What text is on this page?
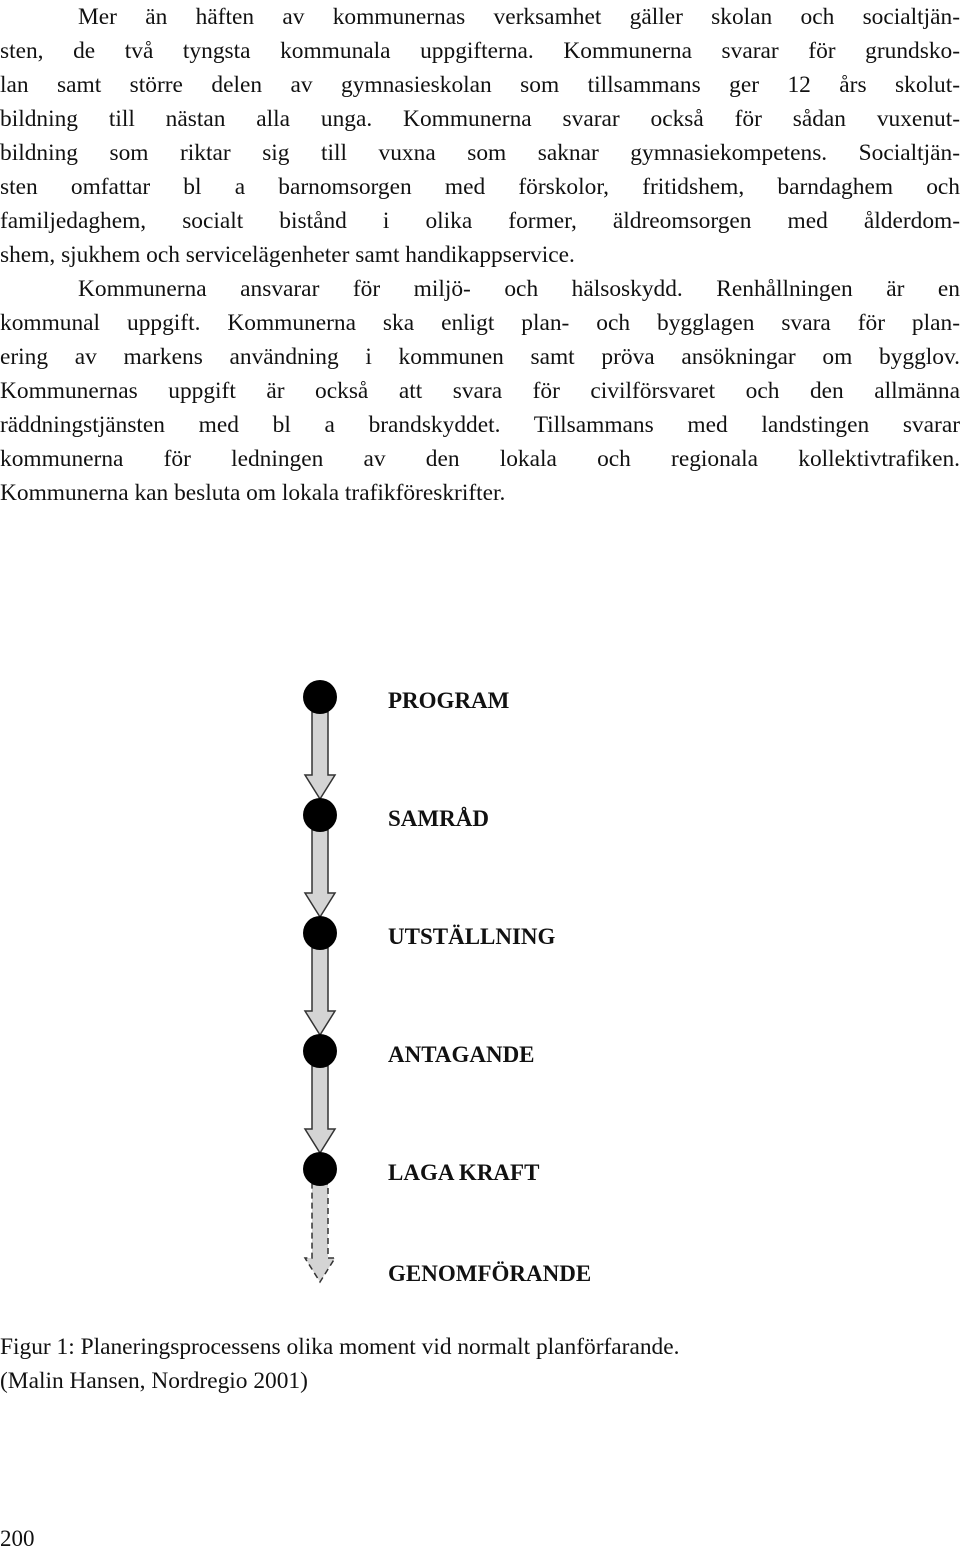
Mer än häften av kommunernas verksamhet gäller skolan och socialtjän-

sten, de två tyngsta kommunala uppgifterna. Kommunerna svarar för grundsko-

lan samt större delen av gymnasieskolan som tillsammans ger 12 års skolut-

bildning till nästan alla unga. Kommunerna svarar också för sådan vuxenut-

bildning som riktar sig till vuxna som saknar gymnasiekompetens. Socialtjän-

sten omfattar bl a barnomsorgen med förskolor, fritidshem, barndaghem och

familjedaghem, socialt bistånd i olika former, äldreomsorgen med ålderdom-

shem, sjukhem och servicelägenheter samt handikappservice.

Kommunerna ansvarar för miljö- och hälsoskydd. Renhållningen är en

kommunal uppgift. Kommunerna ska enligt plan- och bygglagen svara för plan-

ering av markens användning i kommunen samt pröva ansökningar om bygglov.

Kommunernas uppgift är också att svara för civilförsvaret och den allmänna

räddningstjänsten med bl a brandskyddet. Tillsammans med landstingen svarar

kommunerna för ledningen av den lokala och regionala kollektivtrafiken.

Kommunerna kan besluta om lokala trafikföreskrifter.

PROGRAM
SAMRÅD
UTSTÄLLNING
ANTAGANDE
LAGA KRAFT
GENOMFÖRANDE

Figur 1: Planeringsprocessens olika moment vid normalt planförfarande.

(Malin Hansen, Nordregio 2001)

200
